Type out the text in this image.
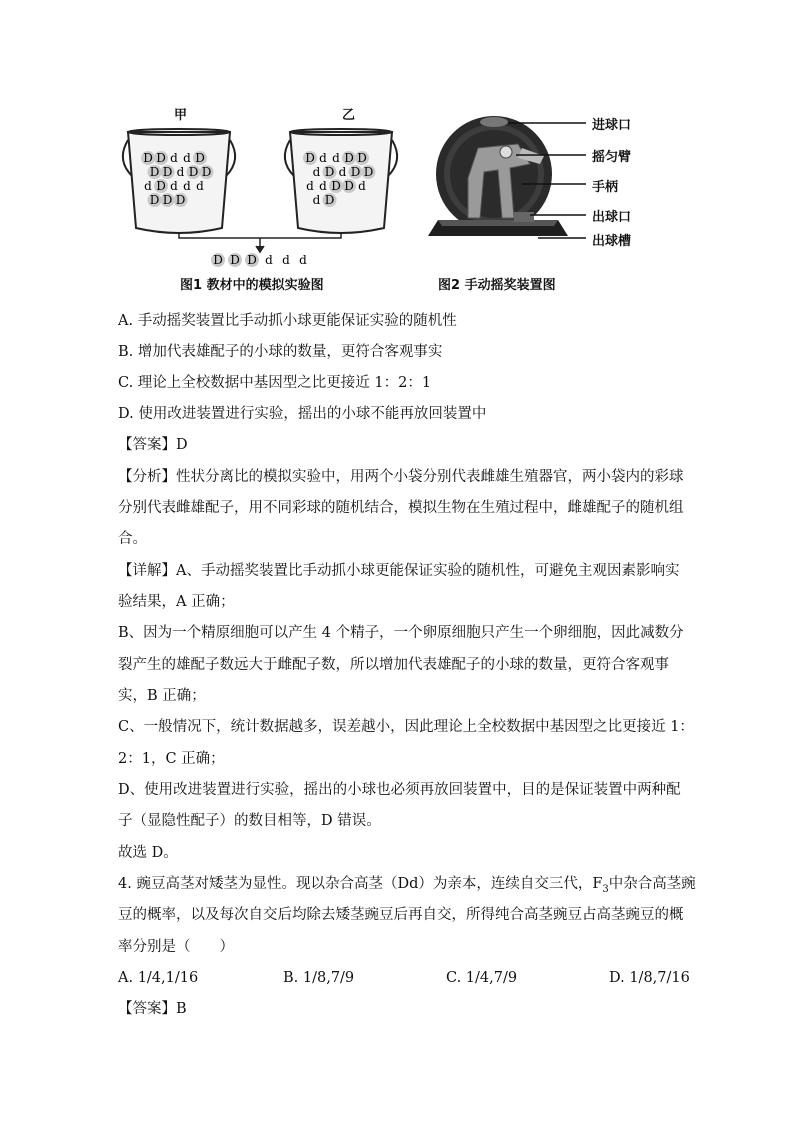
甲	乙
D D d d D
D D d D D
d D d d d
D D D
D d d D D
d D d D D
d d D D d
d D
D D D d d d
图1 教材中的模拟实验图
进球口
摇匀臂
手柄
出球口
出球槽
图2 手动摇奖装置图
A. 手动摇奖装置比手动抓小球更能保证实验的随机性
B. 增加代表雄配子的小球的数量，更符合客观事实
C. 理论上全校数据中基因型之比更接近 1：2：1
D. 使用改进装置进行实验，摇出的小球不能再放回装置中
【答案】D
【分析】性状分离比的模拟实验中，用两个小袋分别代表雌雄生殖器官，两小袋内的彩球
分别代表雌雄配子，用不同彩球的随机结合，模拟生物在生殖过程中，雌雄配子的随机组
合。
【详解】A、手动摇奖装置比手动抓小球更能保证实验的随机性，可避免主观因素影响实
验结果，A 正确；
B、因为一个精原细胞可以产生 4 个精子，一个卵原细胞只产生一个卵细胞，因此减数分
裂产生的雄配子数远大于雌配子数，所以增加代表雄配子的小球的数量，更符合客观事
实，B 正确；
C、一般情况下，统计数据越多，误差越小，因此理论上全校数据中基因型之比更接近 1：
2：1，C 正确；
D、使用改进装置进行实验，摇出的小球也必须再放回装置中，目的是保证装置中两种配
子（显隐性配子）的数目相等，D 错误。
故选 D。
4. 豌豆高茎对矮茎为显性。现以杂合高茎（Dd）为亲本，连续自交三代，$F_3$中杂合高茎豌
豆的概率，以及每次自交后均除去矮茎豌豆后再自交，所得纯合高茎豌豆占高茎豌豆的概
率分别是（　　）
A. 1/4,1/16	B. 1/8,7/9	C. 1/4,7/9	D. 1/8,7/16
【答案】B
